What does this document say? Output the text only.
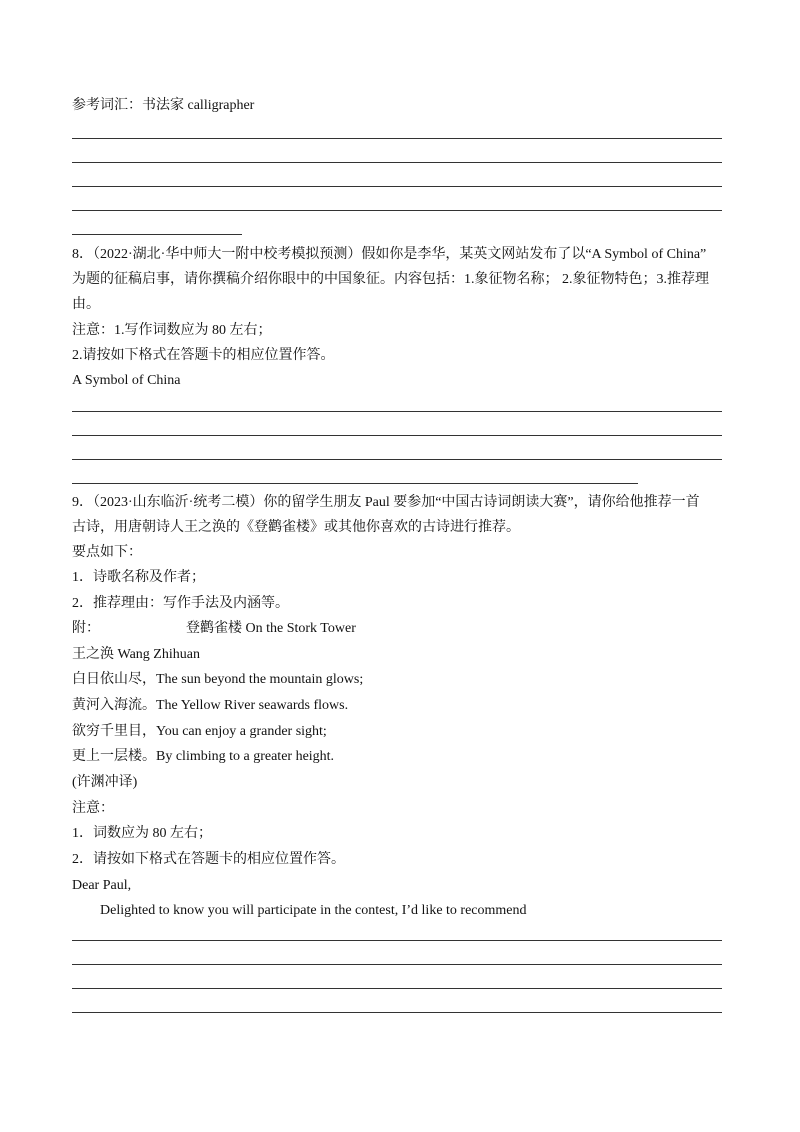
参考词汇：书法家 calligrapher
8．（2022·湖北·华中师大一附中校考模拟预测）假如你是李华，某英文网站发布了以“A Symbol of China”
为题的征稿启事，请你撰稿介绍你眼中的中国象征。内容包括：1.象征物名称； 2.象征物特色；3.推荐理
由。
注意：1.写作词数应为 80 左右；
2.请按如下格式在答题卡的相应位置作答。
A Symbol of China
9．（2023·山东临沂·统考二模）你的留学生朋友 Paul 要参加“中国古诗词朗读大赛”，请你给他推荐一首
古诗，用唐朝诗人王之涣的《登鹳雀楼》或其他你喜欢的古诗进行推荐。
要点如下：
1．诗歌名称及作者；
2．推荐理由：写作手法及内涵等。
附：	登鹳雀楼 On the Stork Tower
王之涣 Wang Zhihuan
白日依山尽，The sun beyond the mountain glows;
黄河入海流。The Yellow River seawards flows.
欲穷千里目，You can enjoy a grander sight;
更上一层楼。By climbing to a greater height.
(许渊冲译)
注意：
1．词数应为 80 左右；
2．请按如下格式在答题卡的相应位置作答。
Dear Paul,
Delighted to know you will participate in the contest, I’d like to recommend
